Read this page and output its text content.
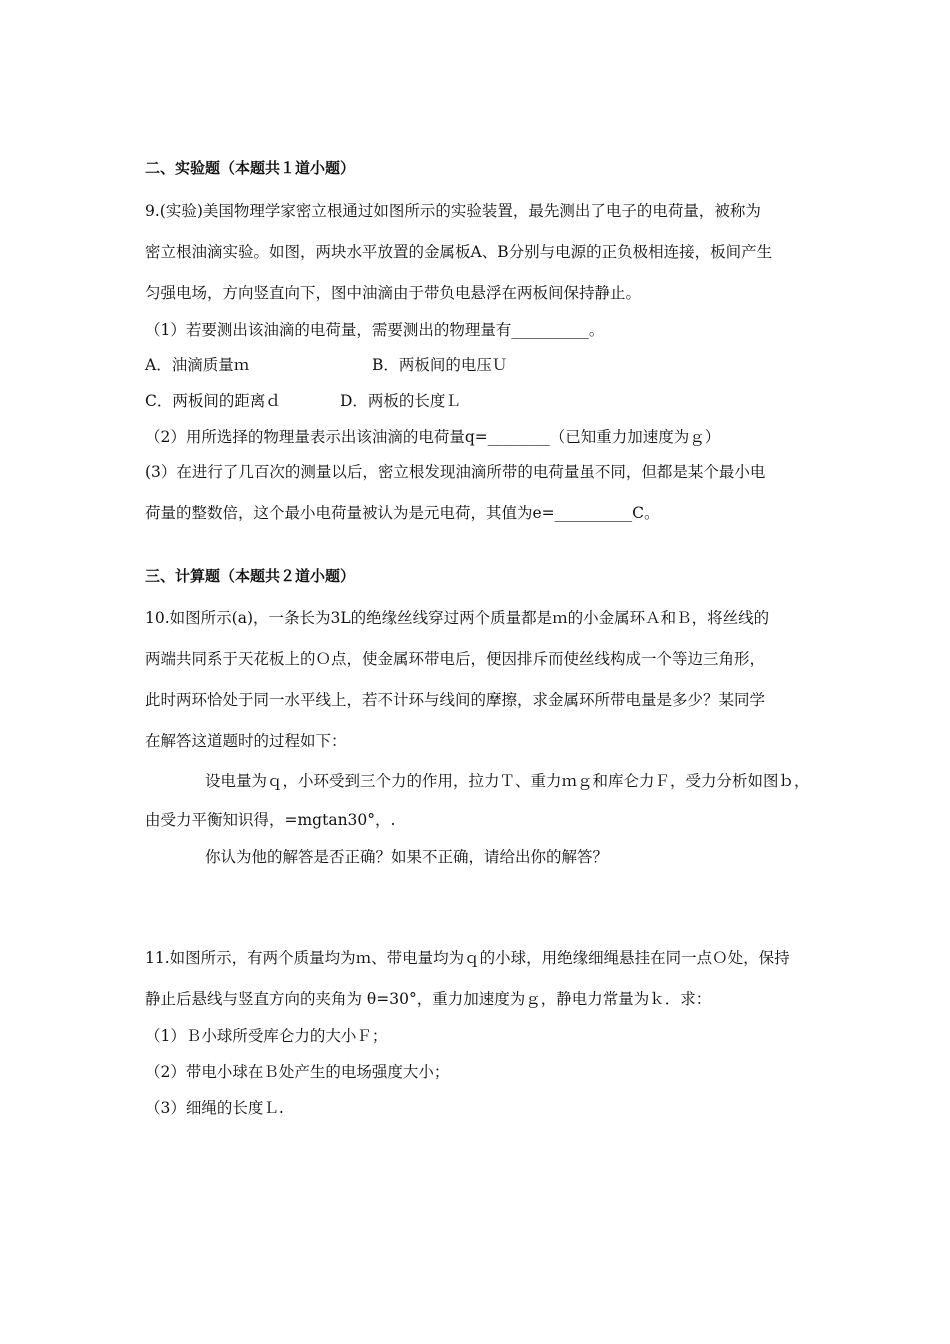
二、实验题（本题共１道小题）
9.(实验)美国物理学家密立根通过如图所示的实验装置，最先测出了电子的电荷量，被称为
密立根油滴实验。如图，两块水平放置的金属板A、B分别与电源的正负极相连接，板间产生
匀强电场，方向竖直向下，图中油滴由于带负电悬浮在两板间保持静止。
（1）若要测出该油滴的电荷量，需要测出的物理量有__________。
A．油滴质量ｍ	B．两板间的电压Ｕ
C．两板间的距离ｄ	D．两板的长度Ｌ
（2）用所选择的物理量表示出该油滴的电荷量q=________（已知重力加速度为ｇ）
(3）在进行了几百次的测量以后，密立根发现油滴所带的电荷量虽不同，但都是某个最小电
荷量的整数倍，这个最小电荷量被认为是元电荷，其值为e=__________C。
三、计算题（本题共２道小题）
10.如图所示(a)，一条长为3L的绝缘丝线穿过两个质量都是ｍ的小金属环Ａ和Ｂ，将丝线的
两端共同系于天花板上的Ｏ点，使金属环带电后，便因排斥而使丝线构成一个等边三角形，
此时两环恰处于同一水平线上，若不计环与线间的摩擦，求金属环所带电量是多少？某同学
在解答这道题时的过程如下：
设电量为ｑ，小环受到三个力的作用，拉力Ｔ、重力ｍｇ和库仑力Ｆ，受力分析如图ｂ，
由受力平衡知识得，=mgtan30°，.
你认为他的解答是否正确？如果不正确，请给出你的解答？
11.如图所示，有两个质量均为ｍ、带电量均为ｑ的小球，用绝缘细绳悬挂在同一点Ｏ处，保持
静止后悬线与竖直方向的夹角为 θ=30°，重力加速度为ｇ，静电力常量为ｋ．求：
（1）Ｂ小球所受库仑力的大小Ｆ；
（2）带电小球在Ｂ处产生的电场强度大小；
（3）细绳的长度Ｌ.
